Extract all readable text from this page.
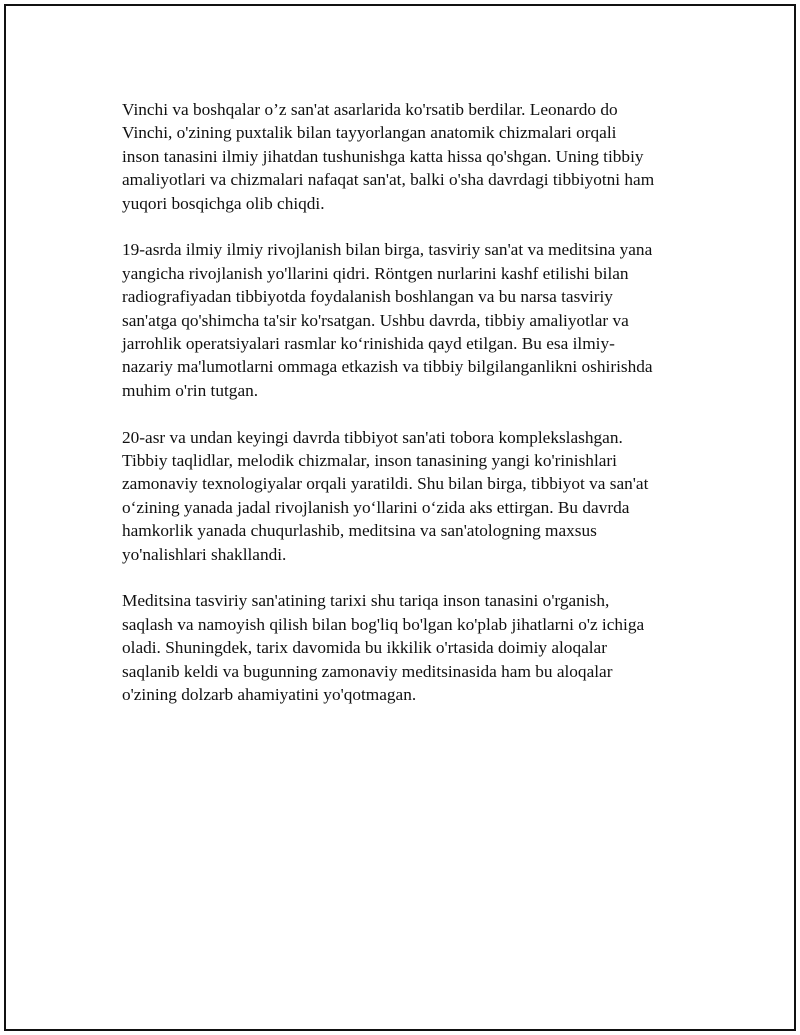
Vinchi va boshqalar o’z san'at asarlarida ko'rsatib berdilar. Leonardo do
Vinchi, o'zining puxtalik bilan tayyorlangan anatomik chizmalari orqali
inson tanasini ilmiy jihatdan tushunishga katta hissa qo'shgan. Uning tibbiy
amaliyotlari va chizmalari nafaqat san'at, balki o'sha davrdagi tibbiyotni ham
yuqori bosqichga olib chiqdi.

19-asrda ilmiy ilmiy rivojlanish bilan birga, tasviriy san'at va meditsina yana
yangicha rivojlanish yo'llarini qidri. Röntgen nurlarini kashf etilishi bilan
radiografiyadan tibbiyotda foydalanish boshlangan va bu narsa tasviriy
san'atga qo'shimcha ta'sir ko'rsatgan. Ushbu davrda, tibbiy amaliyotlar va
jarrohlik operatsiyalari rasmlar ko‘rinishida qayd etilgan. Bu esa ilmiy-
nazariy ma'lumotlarni ommaga etkazish va tibbiy bilgilanganlikni oshirishda
muhim o'rin tutgan.

20-asr va undan keyingi davrda tibbiyot san'ati tobora komplekslashgan.
Tibbiy taqlidlar, melodik chizmalar, inson tanasining yangi ko'rinishlari
zamonaviy texnologiyalar orqali yaratildi. Shu bilan birga, tibbiyot va san'at
o‘zining yanada jadal rivojlanish yo‘llarini o‘zida aks ettirgan. Bu davrda
hamkorlik yanada chuqurlashib, meditsina va san'atologning maxsus
yo'nalishlari shakllandi.

Meditsina tasviriy san'atining tarixi shu tariqa inson tanasini o'rganish,
saqlash va namoyish qilish bilan bog'liq bo'lgan ko'plab jihatlarni o'z ichiga
oladi. Shuningdek, tarix davomida bu ikkilik o'rtasida doimiy aloqalar
saqlanib keldi va bugunning zamonaviy meditsinasida ham bu aloqalar
o'zining dolzarb ahamiyatini yo'qotmagan.
